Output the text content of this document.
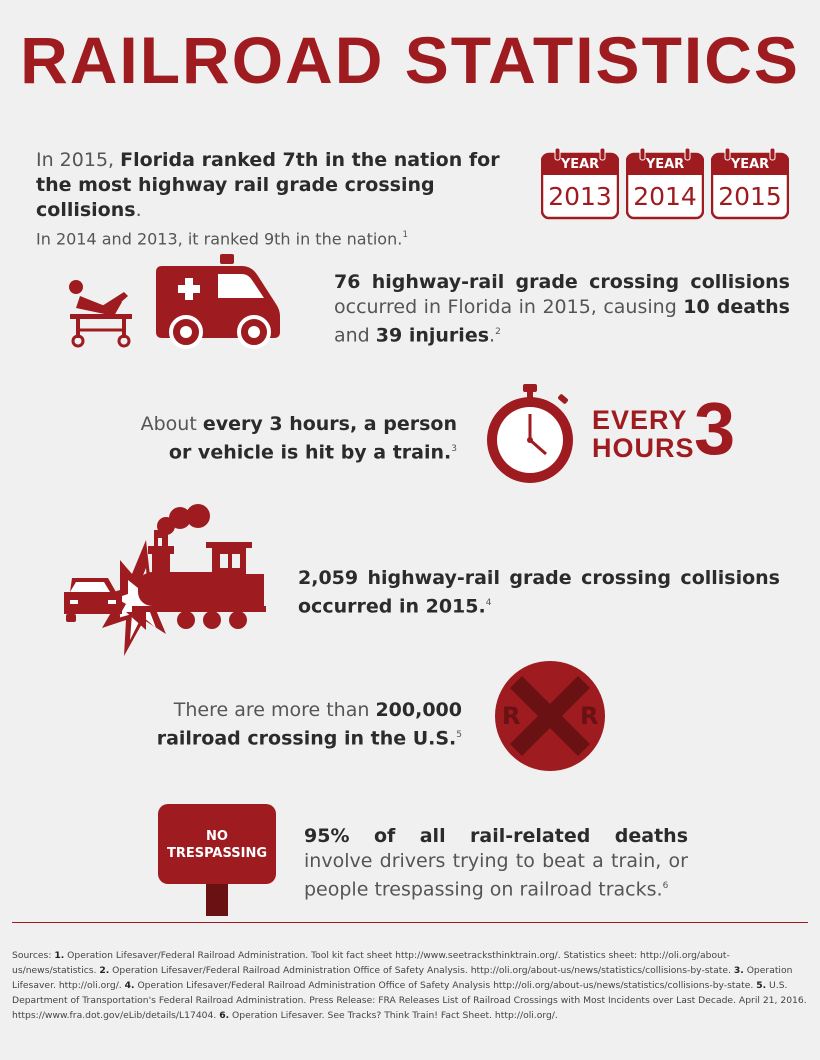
RAILROAD STATISTICS
In 2015, Florida ranked 7th in the nation for the most highway rail grade crossing collisions.
In 2014 and 2013, it ranked 9th in the nation.$^1$
YEAR
2013
YEAR
2014
YEAR
2015
76 highway-rail grade crossing collisions occurred in Florida in 2015, causing 10 deaths and 39 injuries.$^2$
About every 3 hours, a person or vehicle is hit by a train.$^3$
EVERY
HOURS 3
2,059 highway-rail grade crossing collisions occurred in 2015.$^4$
There are more than 200,000
railroad crossing in the U.S.$^5$
R R
NO
TRESPASSING
95% of all rail-related deaths involve drivers trying to beat a train, or people trespassing on railroad tracks.$^6$
Sources: 1. Operation Lifesaver/Federal Railroad Administration. Tool kit fact sheet http://www.seetracksthinktrain.org/. Statistics sheet: http://oli.org/about-us/news/statistics. 2. Operation Lifesaver/Federal Railroad Administration Office of Safety Analysis. http://oli.org/about-us/news/statistics/collisions-by-state. 3. Operation Lifesaver. http://oli.org/. 4. Operation Lifesaver/Federal Railroad Administration Office of Safety Analysis http://oli.org/about-us/news/statistics/collisions-by-state. 5. U.S. Department of Transportation's Federal Railroad Administration. Press Release: FRA Releases List of Railroad Crossings with Most Incidents over Last Decade. April 21, 2016. https://www.fra.dot.gov/eLib/details/L17404. 6. Operation Lifesaver. See Tracks? Think Train! Fact Sheet. http://oli.org/.
